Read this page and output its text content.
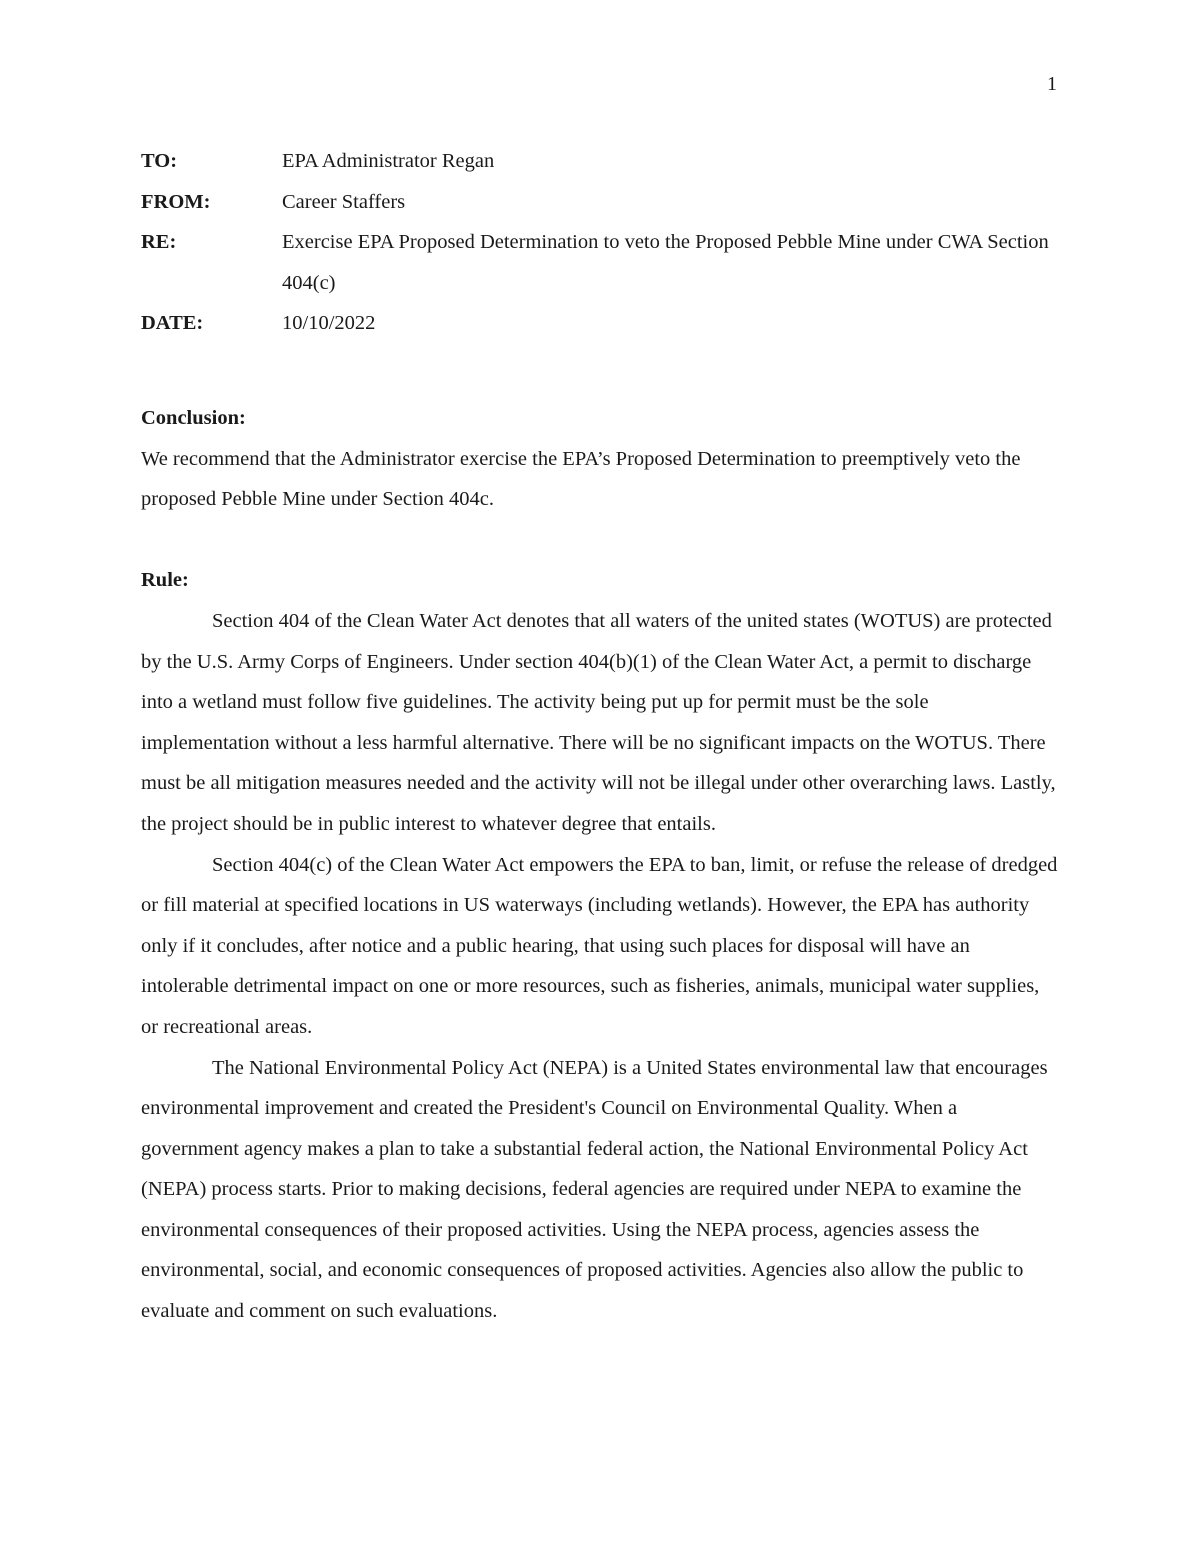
1
TO:	EPA Administrator Regan
FROM:	Career Staffers
RE:	Exercise EPA Proposed Determination to veto the Proposed Pebble Mine under CWA Section 404(c)
DATE:	10/10/2022

Conclusion:

We recommend that the Administrator exercise the EPA’s Proposed Determination to preemptively veto the proposed Pebble Mine under Section 404c.

Rule:

Section 404 of the Clean Water Act denotes that all waters of the united states (WOTUS) are protected by the U.S. Army Corps of Engineers. Under section 404(b)(1) of the Clean Water Act, a permit to discharge into a wetland must follow five guidelines. The activity being put up for permit must be the sole implementation without a less harmful alternative. There will be no significant impacts on the WOTUS. There must be all mitigation measures needed and the activity will not be illegal under other overarching laws. Lastly, the project should be in public interest to whatever degree that entails.

Section 404(c) of the Clean Water Act empowers the EPA to ban, limit, or refuse the release of dredged or fill material at specified locations in US waterways (including wetlands). However, the EPA has authority only if it concludes, after notice and a public hearing, that using such places for disposal will have an intolerable detrimental impact on one or more resources, such as fisheries, animals, municipal water supplies, or recreational areas.

The National Environmental Policy Act (NEPA) is a United States environmental law that encourages environmental improvement and created the President's Council on Environmental Quality. When a government agency makes a plan to take a substantial federal action, the National Environmental Policy Act (NEPA) process starts. Prior to making decisions, federal agencies are required under NEPA to examine the environmental consequences of their proposed activities. Using the NEPA process, agencies assess the environmental, social, and economic consequences of proposed activities. Agencies also allow the public to evaluate and comment on such evaluations.
